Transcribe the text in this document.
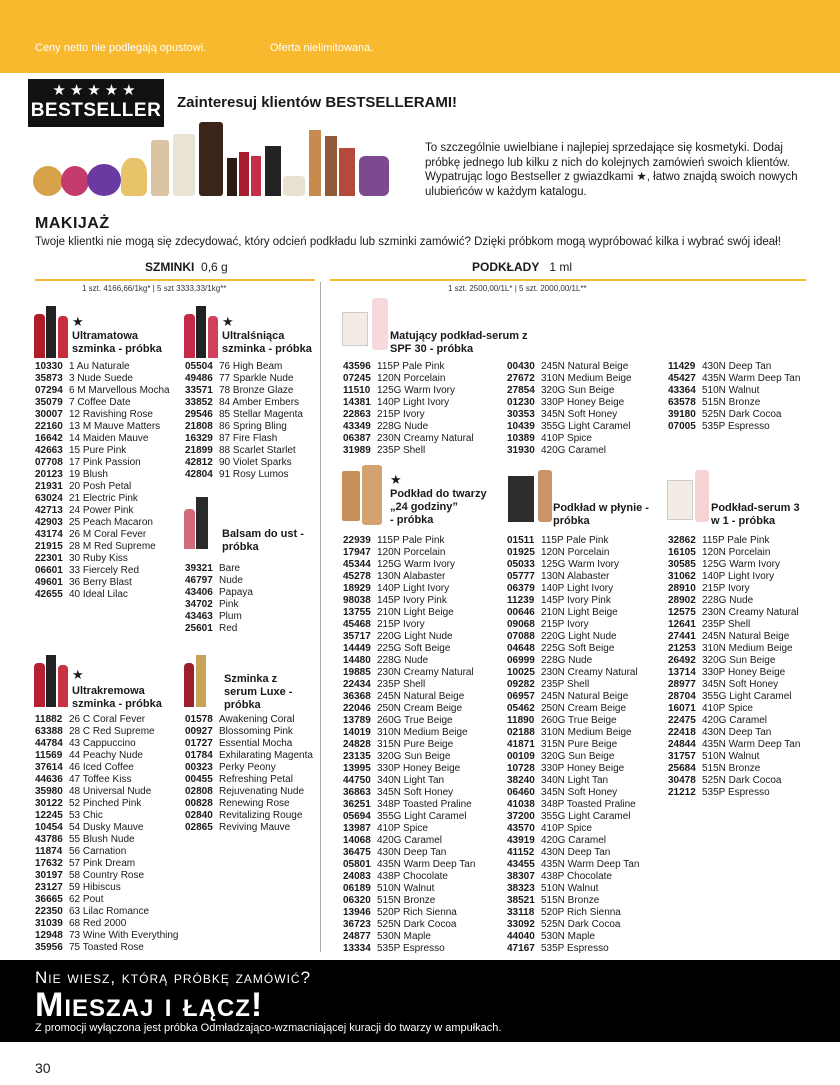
Ceny netto nie podlegają opustowi.	Oferta nielimitowana.
★★★★★
BESTSELLER Zainteresuj klientów BESTSELLERAMI!
To szczególnie uwielbiane i najlepiej sprzedające się kosmetyki. Dodaj próbkę jednego lub kilku z nich do kolejnych zamówień swoich klientów. Wypatrując logo Bestseller z gwiazdkami ★, łatwo znajdą swoich nowych ulubieńców w każdym katalogu.
MAKIJAŻ
Twoje klientki nie mogą się zdecydować, który odcień podkładu lub szminki zamówić? Dzięki próbkom mogą wypróbować kilka i wybrać swój ideał!
SZMINKI 0,6 g	PODKŁADY 1 ml
1 szt. 4166,66/1kg* | 5 szt 3333,33/1kg**	1 szt. 2500,00/1L* | 5 szt. 2000,00/1L**
★
Ultramatowa szminka - próbka
★
Ultralśniąca szminka - próbka
Balsam do ust - próbka
★
Ultrakremowa szminka - próbka
Szminka z serum Luxe - próbka
10330 1 Au Naturale
35873 3 Nude Suede
07294 6 M Marvellous Mocha
35079 7 Coffee Date
30007 12 Ravishing Rose
22160 13 M Mauve Matters
16642 14 Maiden Mauve
42663 15 Pure Pink
07708 17 Pink Passion
20123 19 Blush
21931 20 Posh Petal
63024 21 Electric Pink
42713 24 Power Pink
42903 25 Peach Macaron
43174 26 M Coral Fever
21915 28 M Red Supreme
22301 30 Ruby Kiss
06601 33 Fiercely Red
49601 36 Berry Blast
42655 40 Ideal Lilac
05504 76 High Beam
49486 77 Sparkle Nude
33571 78 Bronze Glaze
33852 84 Amber Embers
29546 85 Stellar Magenta
21808 86 Spring Bling
16329 87 Fire Flash
21899 88 Scarlet Starlet
42812 90 Violet Sparks
42804 91 Rosy Lumos
39321 Bare
46797 Nude
43406 Papaya
34702 Pink
43463 Plum
25601 Red
11882 26 C Coral Fever
63388 28 C Red Supreme
44784 43 Cappuccino
11569 44 Peachy Nude
37614 46 Iced Coffee
44636 47 Toffee Kiss
35980 48 Universal Nude
30122 52 Pinched Pink
12245 53 Chic
10454 54 Dusky Mauve
43786 55 Blush Nude
11874 56 Carnation
17632 57 Pink Dream
30197 58 Country Rose
23127 59 Hibiscus
36665 62 Pout
22350 63 Lilac Romance
31039 68 Red 2000
12948 73 Wine With Everything
35956 75 Toasted Rose
01578 Awakening Coral
00927 Blossoming Pink
01727 Essential Mocha
01784 Exhilarating Magenta
00323 Perky Peony
00455 Refreshing Petal
02808 Rejuvenating Nude
00828 Renewing Rose
02840 Revitalizing Rouge
02865 Reviving Mauve
Matujący podkład-serum z SPF 30 - próbka
★
Podkład do twarzy
„24 godziny”
- próbka
Podkład w płynie - próbka
Podkład-serum 3 w 1 - próbka
43596 115P Pale Pink
07245 120N Porcelain
11510 125G Warm Ivory
14381 140P Light Ivory
22863 215P Ivory
43349 228G Nude
06387 230N Creamy Natural
31989 235P Shell
00430 245N Natural Beige
27672 310N Medium Beige
27854 320G Sun Beige
01230 330P Honey Beige
30353 345N Soft Honey
10439 355G Light Caramel
10389 410P Spice
31930 420G Caramel
11429 430N Deep Tan
45427 435N Warm Deep Tan
43364 510N Walnut
63578 515N Bronze
39180 525N Dark Cocoa
07005 535P Espresso
22939 115P Pale Pink
17947 120N Porcelain
45344 125G Warm Ivory
45278 130N Alabaster
18929 140P Light Ivory
98038 145P Ivory Pink
13755 210N Light Beige
45468 215P Ivory
35717 220G Light Nude
14449 225G Soft Beige
14480 228G Nude
19885 230N Creamy Natural
22434 235P Shell
36368 245N Natural Beige
22046 250N Cream Beige
13789 260G True Beige
14019 310N Medium Beige
24828 315N Pure Beige
23135 320G Sun Beige
13995 330P Honey Beige
44750 340N Light Tan
36863 345N Soft Honey
36251 348P Toasted Praline
05694 355G Light Caramel
13987 410P Spice
14068 420G Caramel
36475 430N Deep Tan
05801 435N Warm Deep Tan
24083 438P Chocolate
06189 510N Walnut
06320 515N Bronze
13946 520P Rich Sienna
36723 525N Dark Cocoa
24877 530N Maple
13334 535P Espresso
01511 115P Pale Pink
01925 120N Porcelain
05033 125G Warm Ivory
05777 130N Alabaster
06379 140P Light Ivory
11239 145P Ivory Pink
00646 210N Light Beige
09068 215P Ivory
07088 220G Light Nude
04648 225G Soft Beige
06999 228G Nude
10025 230N Creamy Natural
09282 235P Shell
06957 245N Natural Beige
05462 250N Cream Beige
11890 260G True Beige
02188 310N Medium Beige
41871 315N Pure Beige
00109 320G Sun Beige
10728 330P Honey Beige
38240 340N Light Tan
06460 345N Soft Honey
41038 348P Toasted Praline
37200 355G Light Caramel
43570 410P Spice
43919 420G Caramel
41152 430N Deep Tan
43455 435N Warm Deep Tan
38307 438P Chocolate
38323 510N Walnut
38521 515N Bronze
33118 520P Rich Sienna
33092 525N Dark Cocoa
44040 530N Maple
47167 535P Espresso
32862 115P Pale Pink
16105 120N Porcelain
30585 125G Warm Ivory
31062 140P Light Ivory
28910 215P Ivory
28902 228G Nude
12575 230N Creamy Natural
12641 235P Shell
27441 245N Natural Beige
21253 310N Medium Beige
26492 320G Sun Beige
13714 330P Honey Beige
28977 345N Soft Honey
28704 355G Light Caramel
16071 410P Spice
22475 420G Caramel
22418 430N Deep Tan
24844 435N Warm Deep Tan
31757 510N Walnut
25684 515N Bronze
30478 525N Dark Cocoa
21212 535P Espresso
Nie wiesz, którą próbkę zamówić?
Mieszaj i łącz!
Z promocji wyłączona jest próbka Odmładzająco-wzmacniającej kuracji do twarzy w ampułkach.
30
